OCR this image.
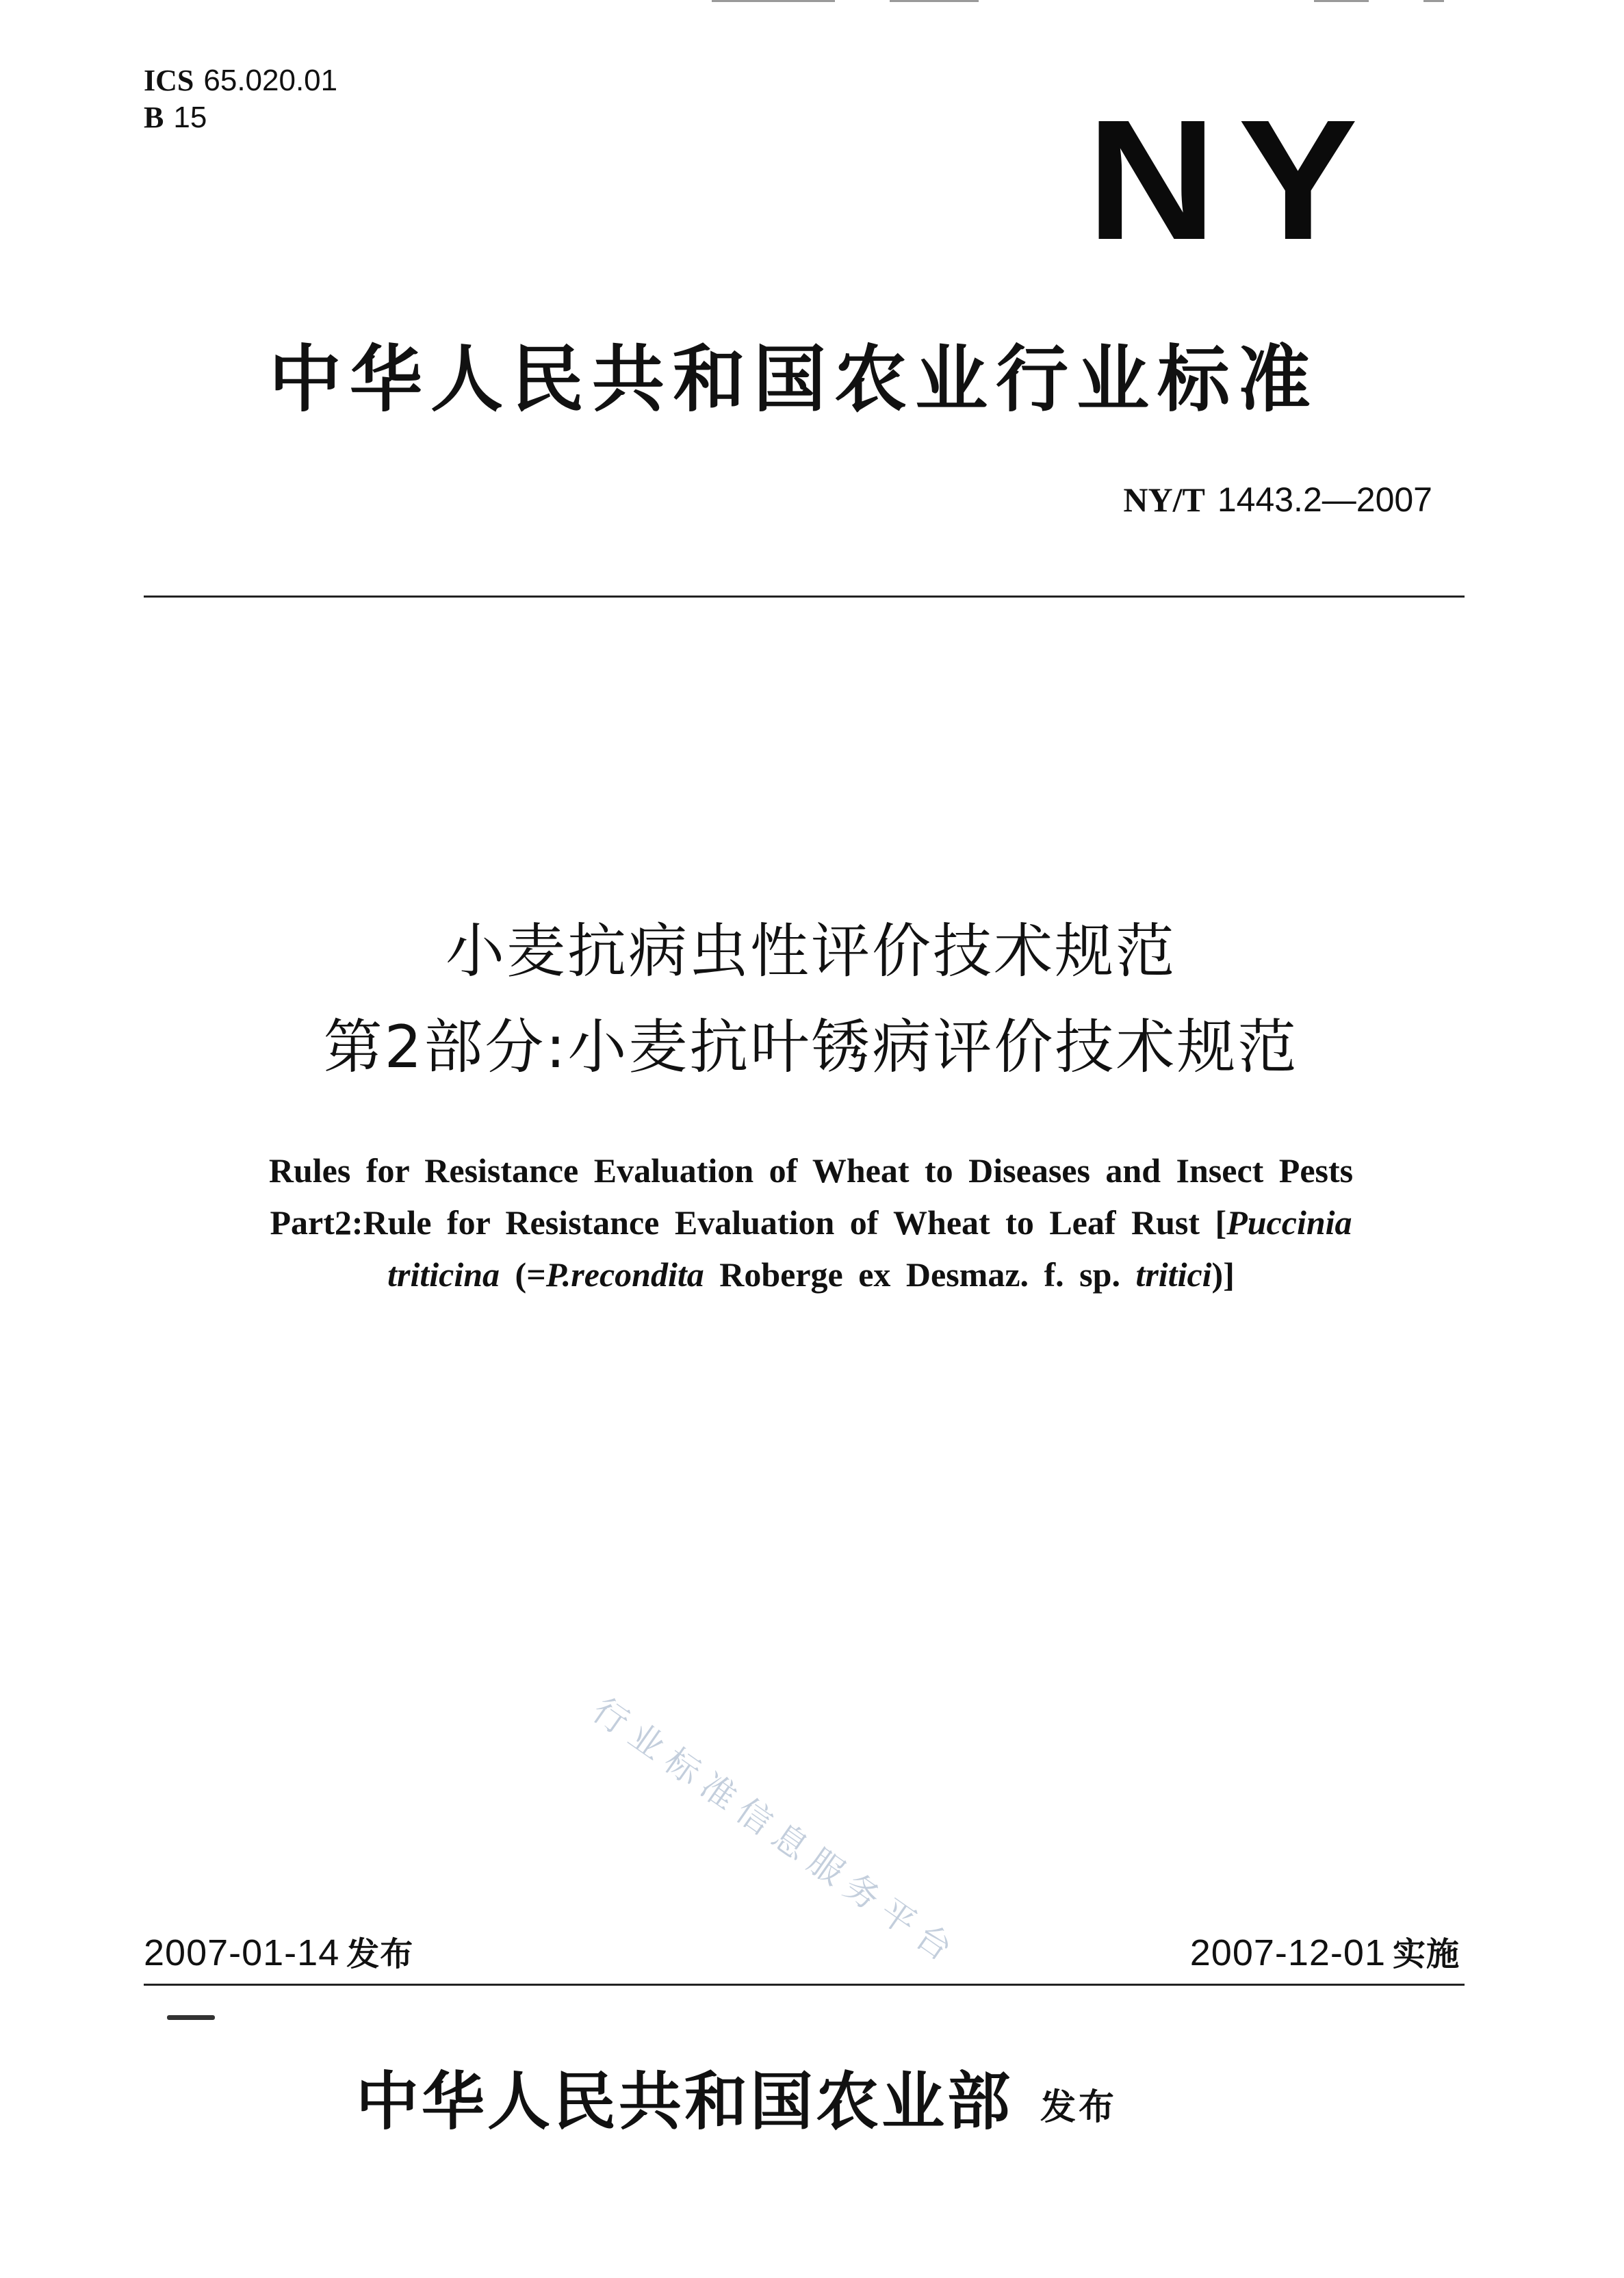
ICS 65.020.01
B 15	NY
中华人民共和国农业行业标准
NY/T 1443.2—2007
小麦抗病虫性评价技术规范
第2部分:小麦抗叶锈病评价技术规范
Rules for Resistance Evaluation of Wheat to Diseases and Insect Pests
Part2:Rule for Resistance Evaluation of Wheat to Leaf Rust [Puccinia
triticina (=P.recondita Roberge ex Desmaz. f. sp. tritici)]
行业标准信息服务平台
2007-01-14 发布	2007-12-01 实施
中华人民共和国农业部 发布
